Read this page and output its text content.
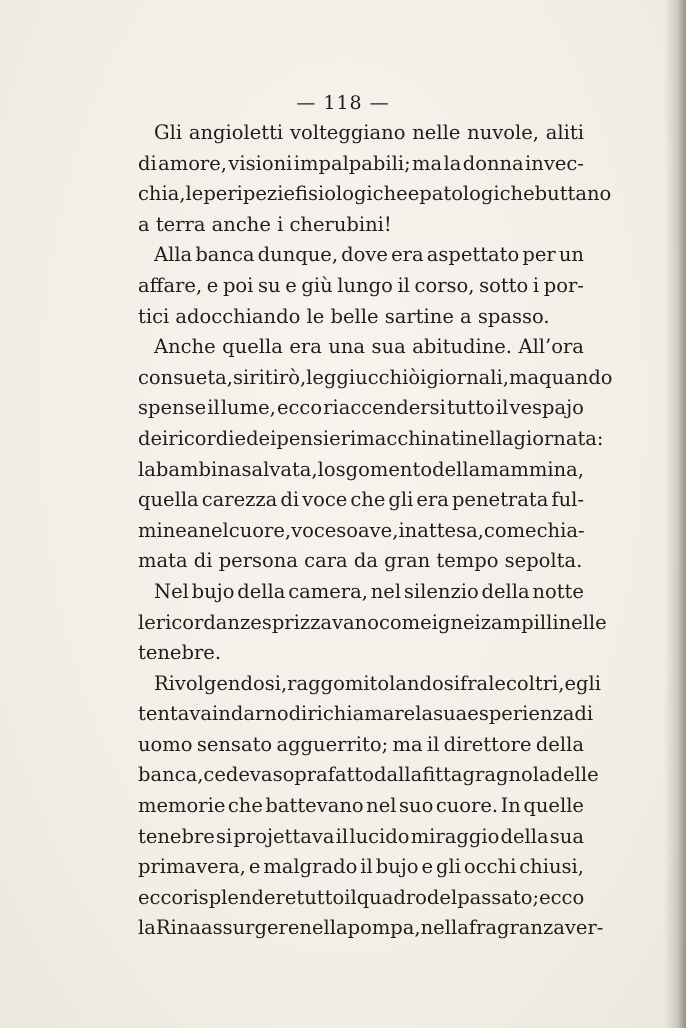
— 118 —
Gli angioletti volteggiano nelle nuvole, aliti
di amore, visioni impalpabili; ma la donna invec-
chia, le peripezie fisiologiche e patologiche buttano
a terra anche i cherubini!
Alla banca dunque, dove era aspettato per un
affare, e poi su e giù lungo il corso, sotto i por-
tici adocchiando le belle sartine a spasso.
Anche quella era una sua abitudine. All’ora
consueta, si ritirò, leggiucchiò i giornali, ma quando
spense il lume, ecco riaccendersi tutto il vespajo
dei ricordi e dei pensieri macchinati nella giornata:
la bambina salvata, lo sgomento della mammina,
quella carezza di voce che gli era penetrata ful-
minea nel cuore, voce soave, inattesa, come chia-
mata di persona cara da gran tempo sepolta.
Nel bujo della camera, nel silenzio della notte
le ricordanze sprizzavano come ignei zampilli nelle
tenebre.
Rivolgendosi, raggomitolandosi fra le coltri, egli
tentava indarno di richiamare la sua esperienza di
uomo sensato agguerrito; ma il direttore della
banca, cedeva soprafatto dalla fitta gragnola delle
memorie che battevano nel suo cuore. In quelle
tenebre si projettava il lucido miraggio della sua
primavera, e malgrado il bujo e gli occhi chiusi,
ecco risplendere tutto il quadro del passato; ecco
la Rina assurgere nella pompa, nella fragranza ver-
